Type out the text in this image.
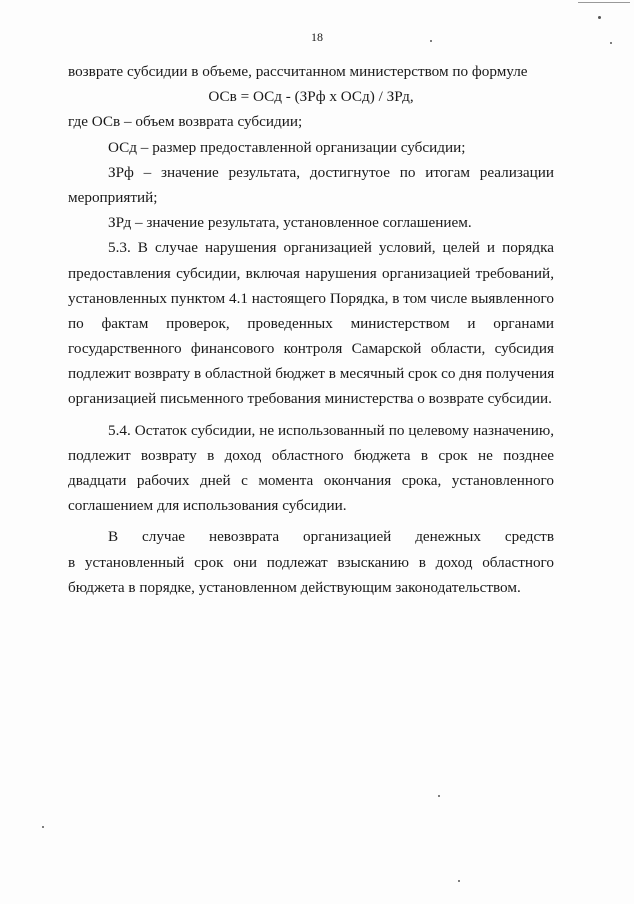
18
возврате субсидии в объеме, рассчитанном министерством по формуле
ОСв = ОСд - (ЗРф х ОСд) / ЗРд,
где ОСв – объем возврата субсидии;
ОСд – размер предоставленной организации субсидии;
ЗРф – значение результата, достигнутое по итогам реализации
мероприятий;
ЗРд – значение результата, установленное соглашением.
5.3. В случае нарушения организацией условий, целей и порядка
предоставления субсидии, включая нарушения организацией требований,
установленных пунктом 4.1 настоящего Порядка, в том числе выявленного
по фактам проверок, проведенных министерством и органами
государственного финансового контроля Самарской области, субсидия
подлежит возврату в областной бюджет в месячный срок со дня получения
организацией письменного требования министерства о возврате субсидии.
5.4. Остаток субсидии, не использованный по целевому назначению,
подлежит возврату в доход областного бюджета в срок не позднее
двадцати рабочих дней с момента окончания срока, установленного
соглашением для использования субсидии.
В случае невозврата организацией денежных средств
в установленный срок они подлежат взысканию в доход областного
бюджета в порядке, установленном действующим законодательством.
